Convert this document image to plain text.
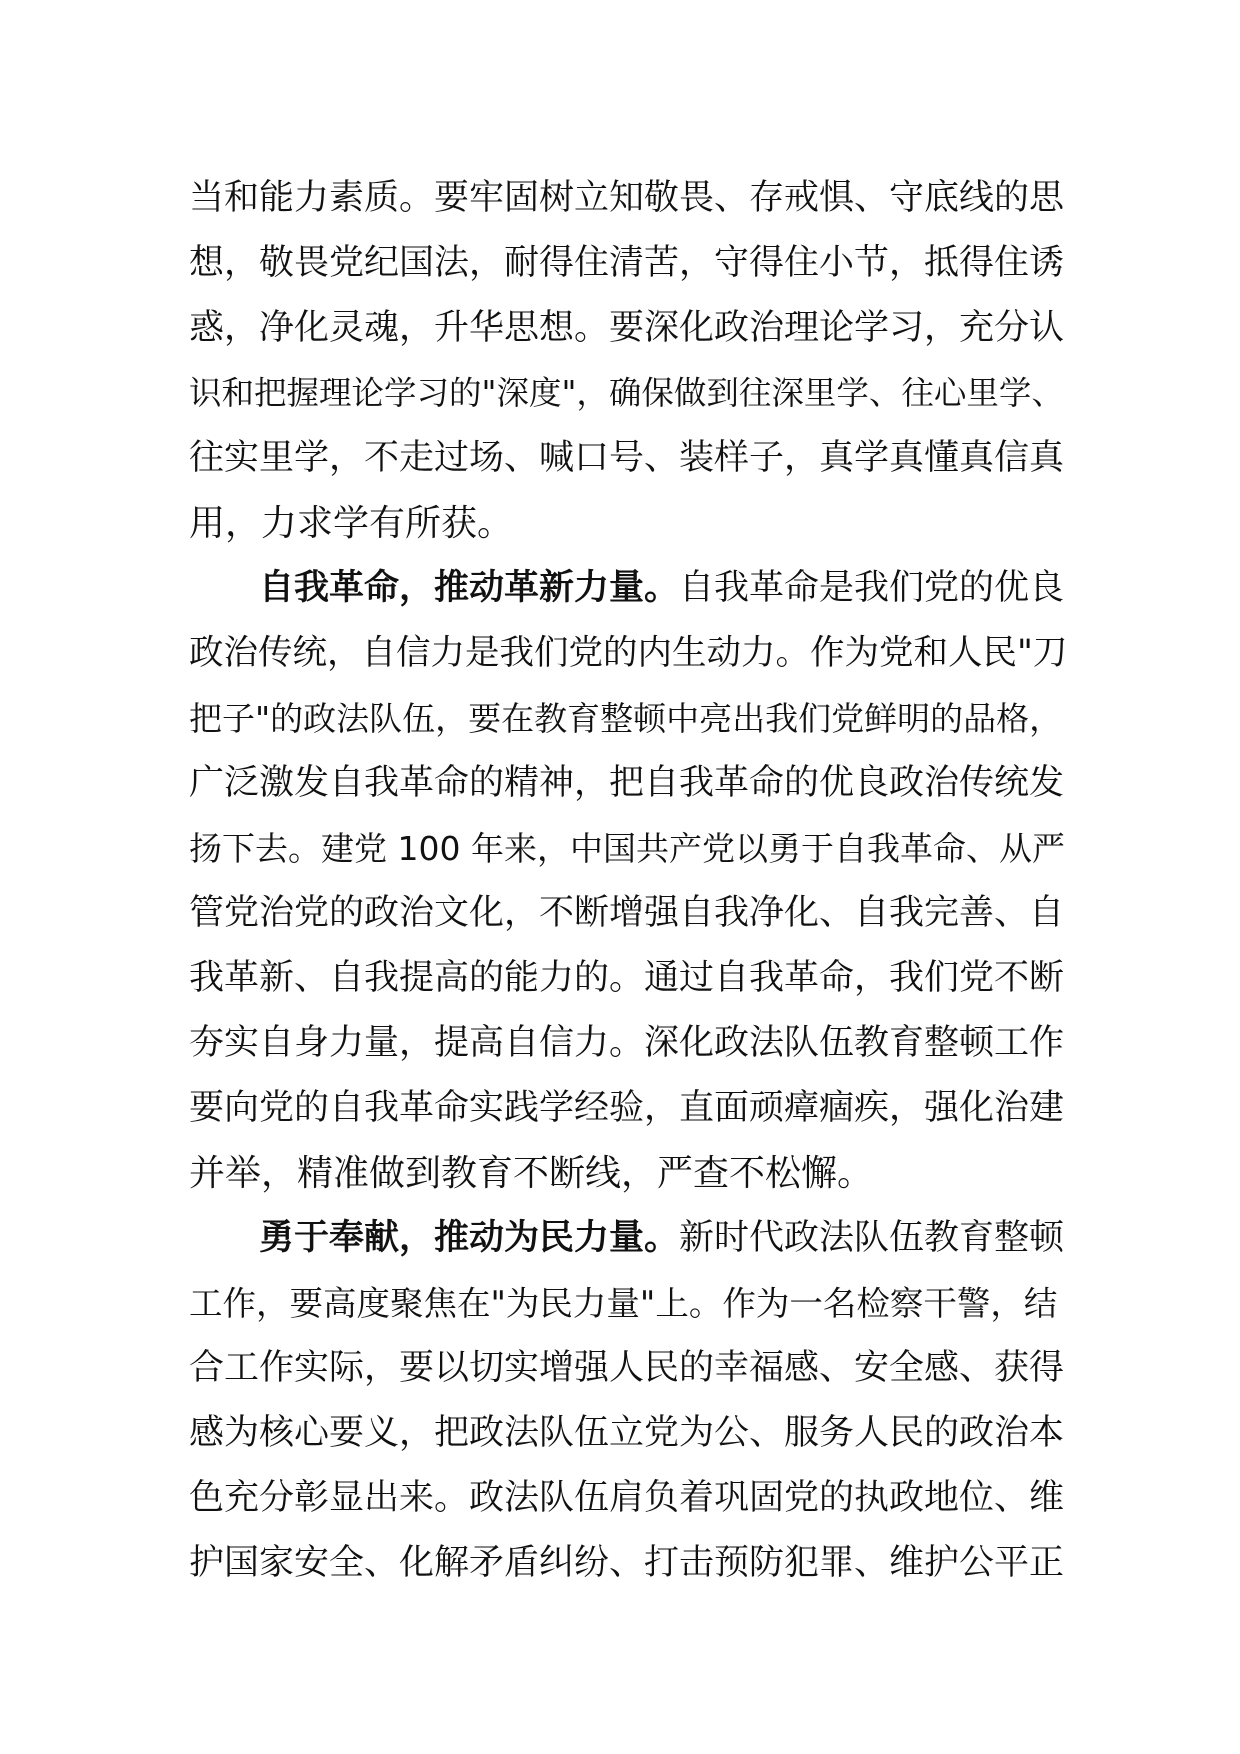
当和能力素质。要牢固树立知敬畏、存戒惧、守底线的思
想，敬畏党纪国法，耐得住清苦，守得住小节，抵得住诱
惑，净化灵魂，升华思想。要深化政治理论学习，充分认
识和把握理论学习的"深度"，确保做到往深里学、往心里学、
往实里学，不走过场、喊口号、装样子，真学真懂真信真
用，力求学有所获。
自我革命，推动革新力量。自我革命是我们党的优良
政治传统，自信力是我们党的内生动力。作为党和人民"刀
把子"的政法队伍，要在教育整顿中亮出我们党鲜明的品格，
广泛激发自我革命的精神，把自我革命的优良政治传统发
扬下去。建党 100 年来，中国共产党以勇于自我革命、从严
管党治党的政治文化，不断增强自我净化、自我完善、自
我革新、自我提高的能力的。通过自我革命，我们党不断
夯实自身力量，提高自信力。深化政法队伍教育整顿工作
要向党的自我革命实践学经验，直面顽瘴痼疾，强化治建
并举，精准做到教育不断线，严查不松懈。
勇于奉献，推动为民力量。新时代政法队伍教育整顿
工作，要高度聚焦在"为民力量"上。作为一名检察干警，结
合工作实际，要以切实增强人民的幸福感、安全感、获得
感为核心要义，把政法队伍立党为公、服务人民的政治本
色充分彰显出来。政法队伍肩负着巩固党的执政地位、维
护国家安全、化解矛盾纠纷、打击预防犯罪、维护公平正
